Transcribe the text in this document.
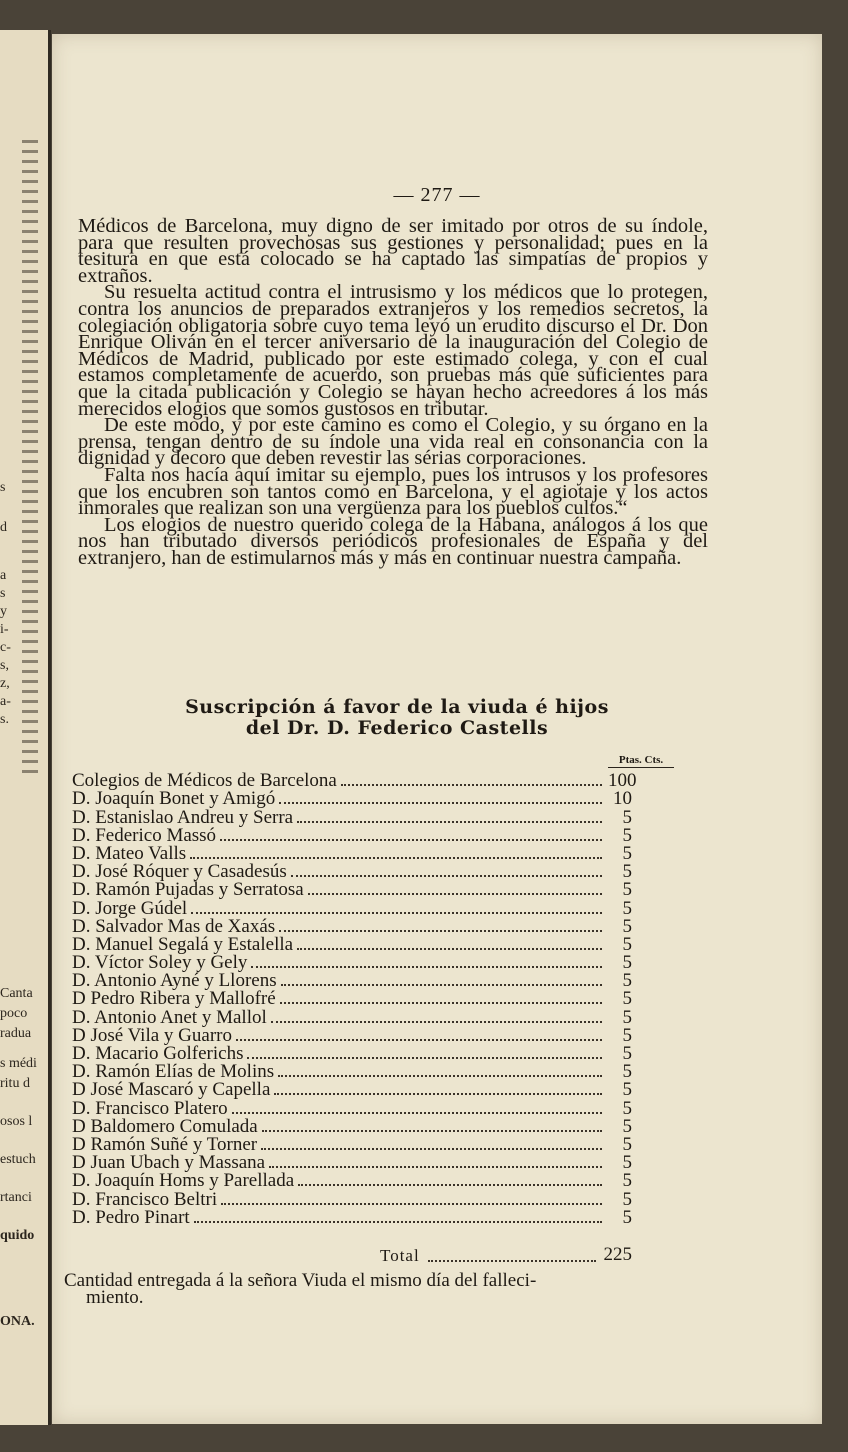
s
d
a
s
y
i-
c-
s,
z,
a-
s.
Canta
poco
radua
s médi
ritu d
osos l
estuch
rtanci
quido
ONA.
— 277 —

Médicos de Barcelona, muy digno de ser imitado por otros de su índole, para que resulten provechosas sus gestiones y personalidad; pues en la tesitura en que está colocado se ha captado las simpatías de propios y extraños.

Su resuelta actitud contra el intrusismo y los médicos que lo protegen, contra los anuncios de preparados extranjeros y los remedios secretos, la colegiación obligatoria sobre cuyo tema leyó un erudito discurso el Dr. Don Enrique Oliván en el tercer aniversario de la inauguración del Colegio de Médicos de Madrid, publicado por este estimado colega, y con el cual estamos completamente de acuerdo, son pruebas más que suficientes para que la citada publicación y Colegio se hayan hecho acreedores á los más merecidos elogios que somos gustosos en tributar.

De este modo, y por este camino es como el Colegio, y su órgano en la prensa, tengan dentro de su índole una vida real en consonancia con la dignidad y decoro que deben revestir las sérias corporaciones.

Falta nos hacía aquí imitar su ejemplo, pues los intrusos y los profesores que los encubren son tantos como en Barcelona, y el agiotaje y los actos inmorales que realizan son una vergüenza para los pueblos cultos.“

Los elogios de nuestro querido colega de la Habana, análogos á los que nos han tributado diversos periódicos profesionales de España y del extranjero, han de estimularnos más y más en continuar nuestra campaña.

Suscripción á favor de la viuda é hijos
del Dr. D. Federico Castells
Ptas. Cts.
Colegios de Médicos de Barcelona	100
D. Joaquín Bonet y Amigó	10
D. Estanislao Andreu y Serra	5
D. Federico Massó	5
D. Mateo Valls	5
D. José Róquer y Casadesús	5
D. Ramón Pujadas y Serratosa	5
D. Jorge Gúdel	5
D. Salvador Mas de Xaxás	5
D. Manuel Segalá y Estalella	5
D. Víctor Soley y Gely	5
D. Antonio Ayné y Llorens	5
D Pedro Ribera y Mallofré	5
D. Antonio Anet y Mallol	5
D José Vila y Guarro	5
D. Macario Golferichs	5
D. Ramón Elías de Molins	5
D José Mascaró y Capella	5
D. Francisco Platero	5
D Baldomero Comulada	5
D Ramón Suñé y Torner	5
D Juan Ubach y Massana	5
D. Joaquín Homs y Parellada	5
D. Francisco Beltri	5
D. Pedro Pinart	5
Total	225
Cantidad entregada á la señora Viuda el mismo día del falleci-
miento.
